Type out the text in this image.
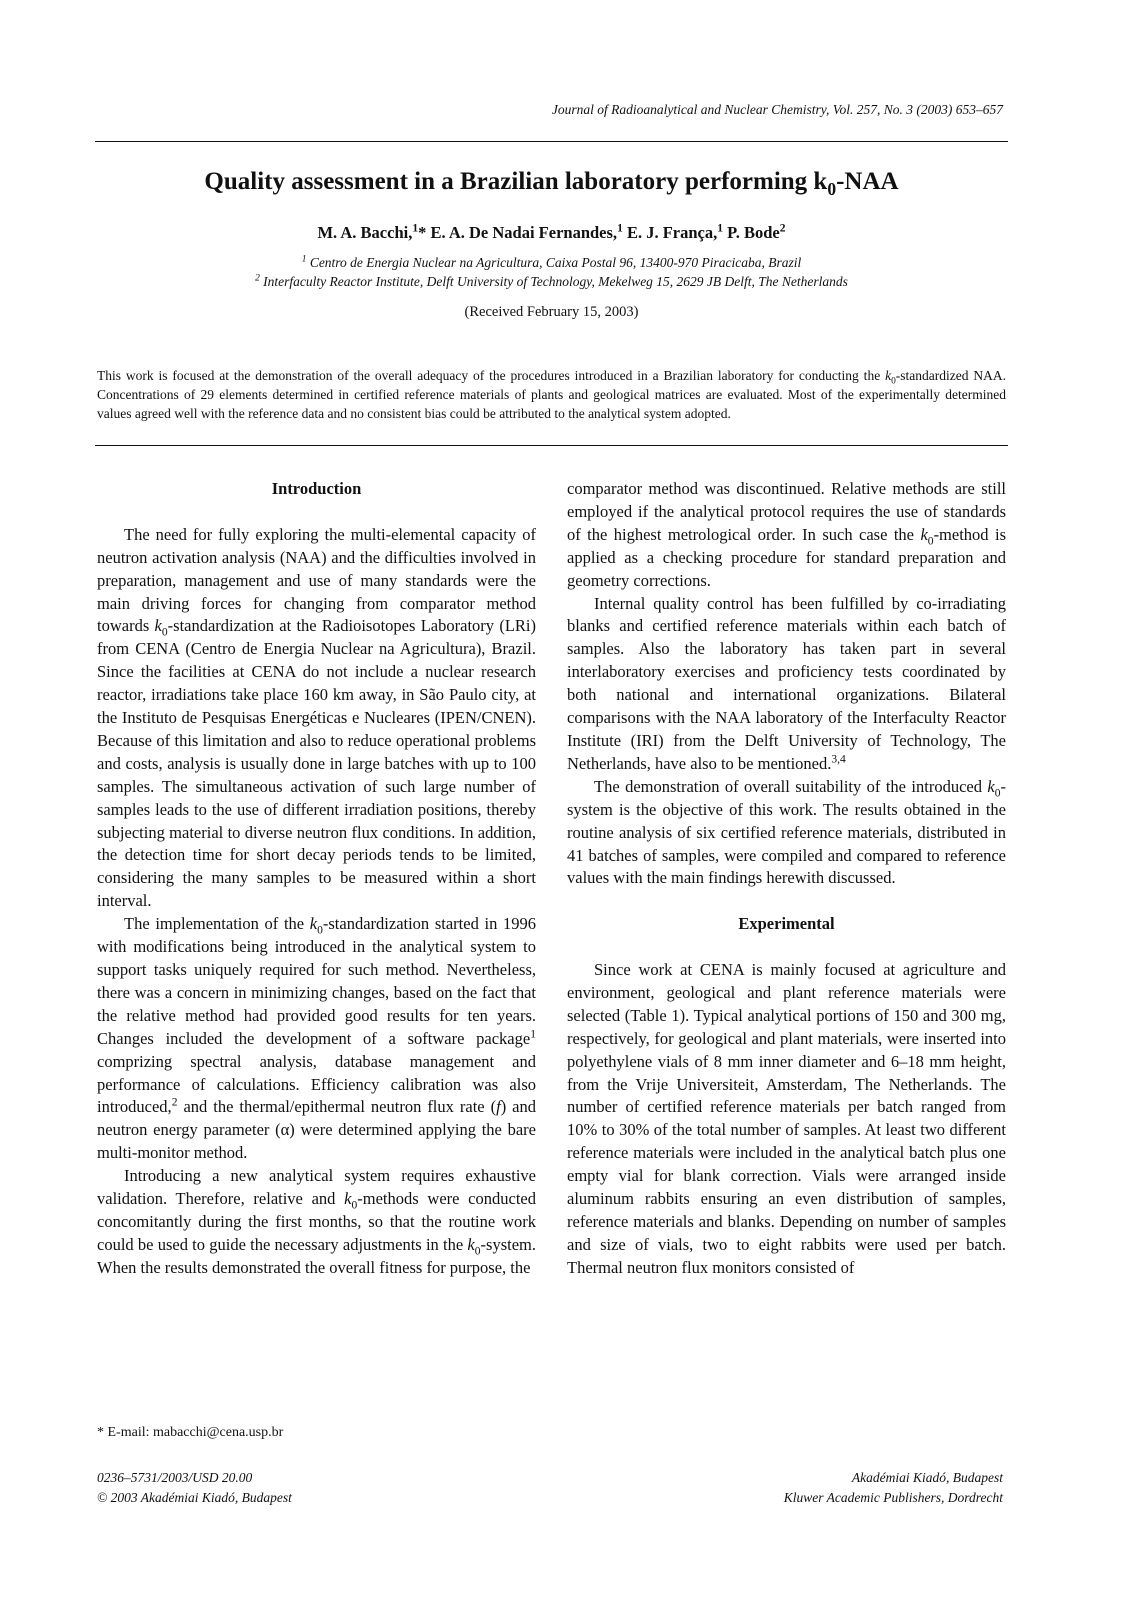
Journal of Radioanalytical and Nuclear Chemistry, Vol. 257, No. 3 (2003) 653–657
Quality assessment in a Brazilian laboratory performing $k_0$-NAA
M. A. Bacchi,$^1$* E. A. De Nadai Fernandes,$^1$ E. J. França,$^1$ P. Bode$^2$
$^1$ Centro de Energia Nuclear na Agricultura, Caixa Postal 96, 13400-970 Piracicaba, Brazil
$^2$ Interfaculty Reactor Institute, Delft University of Technology, Mekelweg 15, 2629 JB Delft, The Netherlands
(Received February 15, 2003)
This work is focused at the demonstration of the overall adequacy of the procedures introduced in a Brazilian laboratory for conducting the $k_0$-standardized NAA. Concentrations of 29 elements determined in certified reference materials of plants and geological matrices are evaluated. Most of the experimentally determined values agreed well with the reference data and no consistent bias could be attributed to the analytical system adopted.
Introduction

The need for fully exploring the multi-elemental capacity of neutron activation analysis (NAA) and the difficulties involved in preparation, management and use of many standards were the main driving forces for changing from comparator method towards $k_0$-standardization at the Radioisotopes Laboratory (LRi) from CENA (Centro de Energia Nuclear na Agricultura), Brazil. Since the facilities at CENA do not include a nuclear research reactor, irradiations take place 160 km away, in São Paulo city, at the Instituto de Pesquisas Energéticas e Nucleares (IPEN/CNEN). Because of this limitation and also to reduce operational problems and costs, analysis is usually done in large batches with up to 100 samples. The simultaneous activation of such large number of samples leads to the use of different irradiation positions, thereby subjecting material to diverse neutron flux conditions. In addition, the detection time for short decay periods tends to be limited, considering the many samples to be measured within a short interval.

The implementation of the $k_0$-standardization started in 1996 with modifications being introduced in the analytical system to support tasks uniquely required for such method. Nevertheless, there was a concern in minimizing changes, based on the fact that the relative method had provided good results for ten years. Changes included the development of a software package$^1$ comprizing spectral analysis, database management and performance of calculations. Efficiency calibration was also introduced,$^2$ and the thermal/epithermal neutron flux rate (f) and neutron energy parameter (α) were determined applying the bare multi-monitor method.

Introducing a new analytical system requires exhaustive validation. Therefore, relative and $k_0$-methods were conducted concomitantly during the first months, so that the routine work could be used to guide the necessary adjustments in the $k_0$-system. When the results demonstrated the overall fitness for purpose, the

comparator method was discontinued. Relative methods are still employed if the analytical protocol requires the use of standards of the highest metrological order. In such case the $k_0$-method is applied as a checking procedure for standard preparation and geometry corrections.

Internal quality control has been fulfilled by co-irradiating blanks and certified reference materials within each batch of samples. Also the laboratory has taken part in several interlaboratory exercises and proficiency tests coordinated by both national and international organizations. Bilateral comparisons with the NAA laboratory of the Interfaculty Reactor Institute (IRI) from the Delft University of Technology, The Netherlands, have also to be mentioned.$^{3,4}$

The demonstration of overall suitability of the introduced $k_0$-system is the objective of this work. The results obtained in the routine analysis of six certified reference materials, distributed in 41 batches of samples, were compiled and compared to reference values with the main findings herewith discussed.

Experimental

Since work at CENA is mainly focused at agriculture and environment, geological and plant reference materials were selected (Table 1). Typical analytical portions of 150 and 300 mg, respectively, for geological and plant materials, were inserted into polyethylene vials of 8 mm inner diameter and 6–18 mm height, from the Vrije Universiteit, Amsterdam, The Netherlands. The number of certified reference materials per batch ranged from 10% to 30% of the total number of samples. At least two different reference materials were included in the analytical batch plus one empty vial for blank correction. Vials were arranged inside aluminum rabbits ensuring an even distribution of samples, reference materials and blanks. Depending on number of samples and size of vials, two to eight rabbits were used per batch. Thermal neutron flux monitors consisted of

* E-mail: mabacchi@cena.usp.br
0236–5731/2003/USD 20.00
© 2003 Akadémiai Kiadó, Budapest
Akadémiai Kiadó, Budapest
Kluwer Academic Publishers, Dordrecht
